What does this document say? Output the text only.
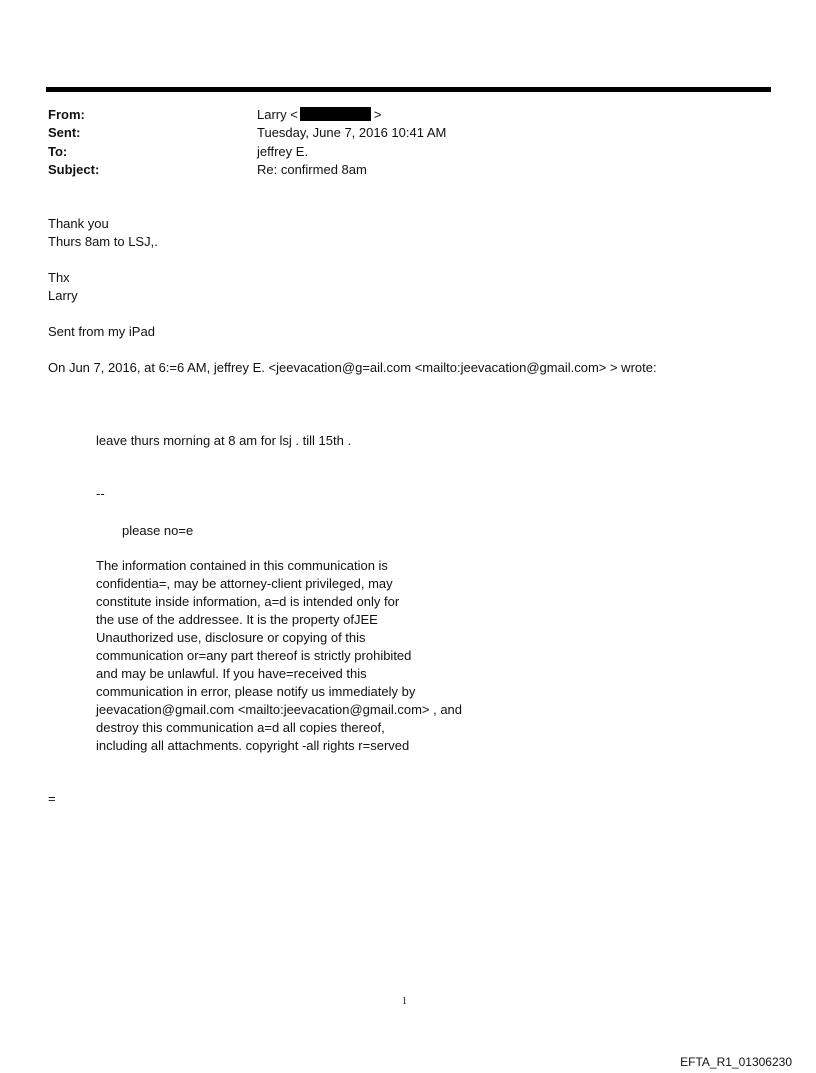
From:	Larry <	>
Sent:	Tuesday, June 7, 2016 10:41 AM
To:	jeffrey E.
Subject:	Re: confirmed 8am
Thank you
Thurs 8am to LSJ,.
Thx
Larry
Sent from my iPad
On Jun 7, 2016, at 6:=6 AM, jeffrey E. <jeevacation@g=ail.com <mailto:jeevacation@gmail.com> > wrote:
leave thurs morning at 8 am for lsj . till 15th .
--
please no=e
The information contained in this communication is
confidentia=, may be attorney-client privileged, may
constitute inside information, a=d is intended only for
the use of the addressee. It is the property ofJEE
Unauthorized use, disclosure or copying of this
communication or=any part thereof is strictly prohibited
and may be unlawful. If you have=received this
communication in error, please notify us immediately by
jeevacation@gmail.com <mailto:jeevacation@gmail.com> , and
destroy this communication a=d all copies thereof,
including all attachments. copyright -all rights r=served
=
1
EFTA_R1_01306230
